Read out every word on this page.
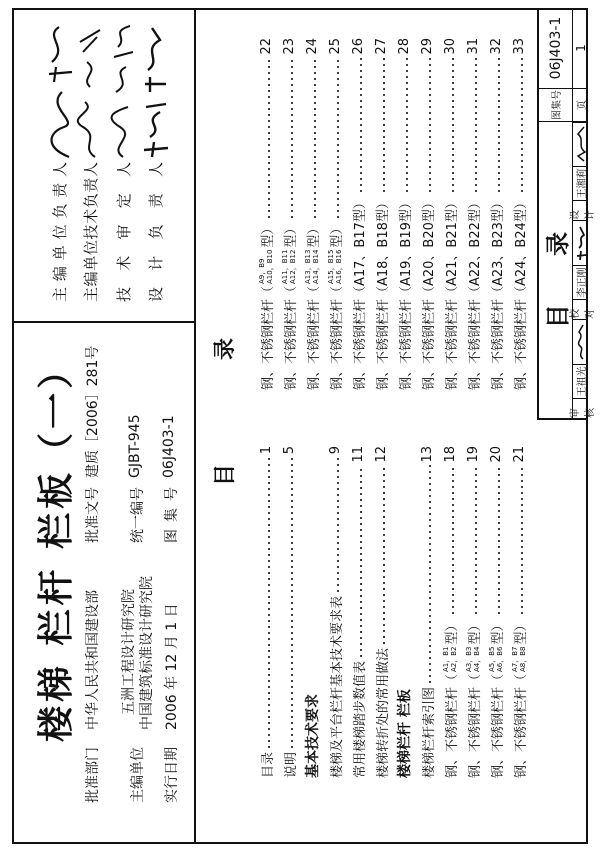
楼梯 栏杆 栏板（一）
批准部门
中华人民共和国建设部
批准文号
建质［2006］281号
主编单位
五洲工程设计研究院 中国建筑标准设计研究院
统一编号
GJBT-945
实行日期
2006 年 12 月 1 日
图 集 号
06J403-1
主编单位负责人 主编单位技术负责人 技术审定人 设计负责人
目
录
目录
1
说明
5
基本技术要求 楼梯及平台栏杆基本技术要求表
9
常用楼梯踏步数值表
11
楼梯转折处的常用做法
12
楼梯栏杆 栏板 楼梯栏杆索引图
13
钢、不锈钢栏杆（
A1，B1 A2，B2
型）
18
钢、不锈钢栏杆（
A3，B3 A4，B4
型）
19
钢、不锈钢栏杆（
A5，B5 A6，B6
型）
20
钢、不锈钢栏杆（
A7，B7 A8，B8
型）
21
钢、不锈钢栏杆（
A9，B9 A10，B10
型）
22
钢、不锈钢栏杆（
A11，B11 A12，B12
型）
23
钢、不锈钢栏杆（
A13，B13 A14，B14
型）
24
钢、不锈钢栏杆（
A15，B15 A16，B16
型）
25
钢、不锈钢栏杆（A17、B17型）
26
钢、不锈钢栏杆（A18、B18型）
27
钢、不锈钢栏杆（A19、B19型）
28
钢、不锈钢栏杆（A20、B20型）
29
钢、不锈钢栏杆（A21、B21型）
30
钢、不锈钢栏杆（A22、B22型）
31
钢、不锈钢栏杆（A23、B23型）
32
钢、不锈钢栏杆（A24、B24型）
33
目 录
图集号
06J403-1
审核
王祖光
校对
李正刚
设计
王湘莉
页
1
